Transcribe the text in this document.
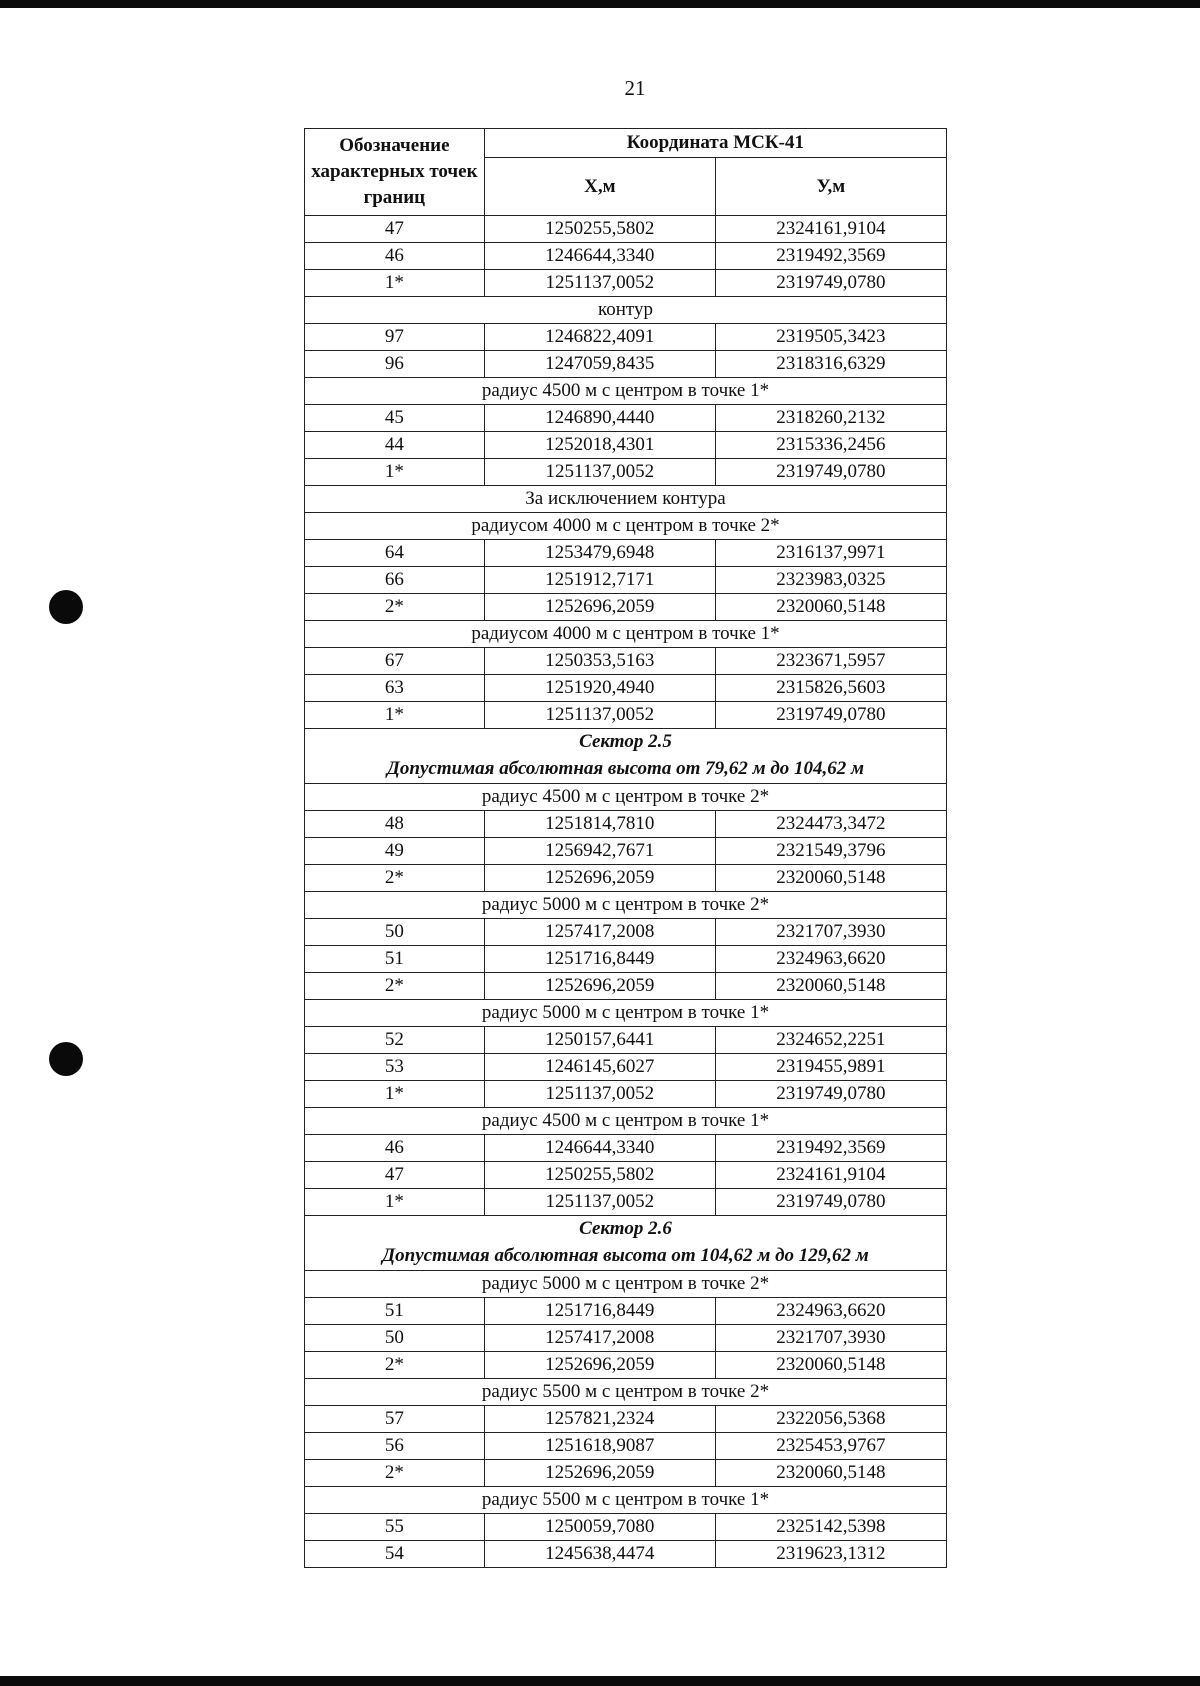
21
Обозначение характерных точек границ	Координата МСК-41	
	Х,м	У,м
47	1250255,5802	2324161,9104
46	1246644,3340	2319492,3569
1*	1251137,0052	2319749,0780
контур		
97	1246822,4091	2319505,3423
96	1247059,8435	2318316,6329
радиус 4500 м с центром в точке 1*		
45	1246890,4440	2318260,2132
44	1252018,4301	2315336,2456
1*	1251137,0052	2319749,0780
За исключением контура		
радиусом 4000 м с центром в точке 2*		
64	1253479,6948	2316137,9971
66	1251912,7171	2323983,0325
2*	1252696,2059	2320060,5148
радиусом 4000 м с центром в точке 1*		
67	1250353,5163	2323671,5957
63	1251920,4940	2315826,5603
1*	1251137,0052	2319749,0780
Сектор 2.5		
Допустимая абсолютная высота от 79,62 м до 104,62 м		
радиус 4500 м с центром в точке 2*		
48	1251814,7810	2324473,3472
49	1256942,7671	2321549,3796
2*	1252696,2059	2320060,5148
радиус 5000 м с центром в точке 2*		
50	1257417,2008	2321707,3930
51	1251716,8449	2324963,6620
2*	1252696,2059	2320060,5148
радиус 5000 м с центром в точке 1*		
52	1250157,6441	2324652,2251
53	1246145,6027	2319455,9891
1*	1251137,0052	2319749,0780
радиус 4500 м с центром в точке 1*		
46	1246644,3340	2319492,3569
47	1250255,5802	2324161,9104
1*	1251137,0052	2319749,0780
Сектор 2.6		
Допустимая абсолютная высота от 104,62 м до 129,62 м		
радиус 5000 м с центром в точке 2*		
51	1251716,8449	2324963,6620
50	1257417,2008	2321707,3930
2*	1252696,2059	2320060,5148
радиус 5500 м с центром в точке 2*		
57	1257821,2324	2322056,5368
56	1251618,9087	2325453,9767
2*	1252696,2059	2320060,5148
радиус 5500 м с центром в точке 1*		
55	1250059,7080	2325142,5398
54	1245638,4474	2319623,1312
